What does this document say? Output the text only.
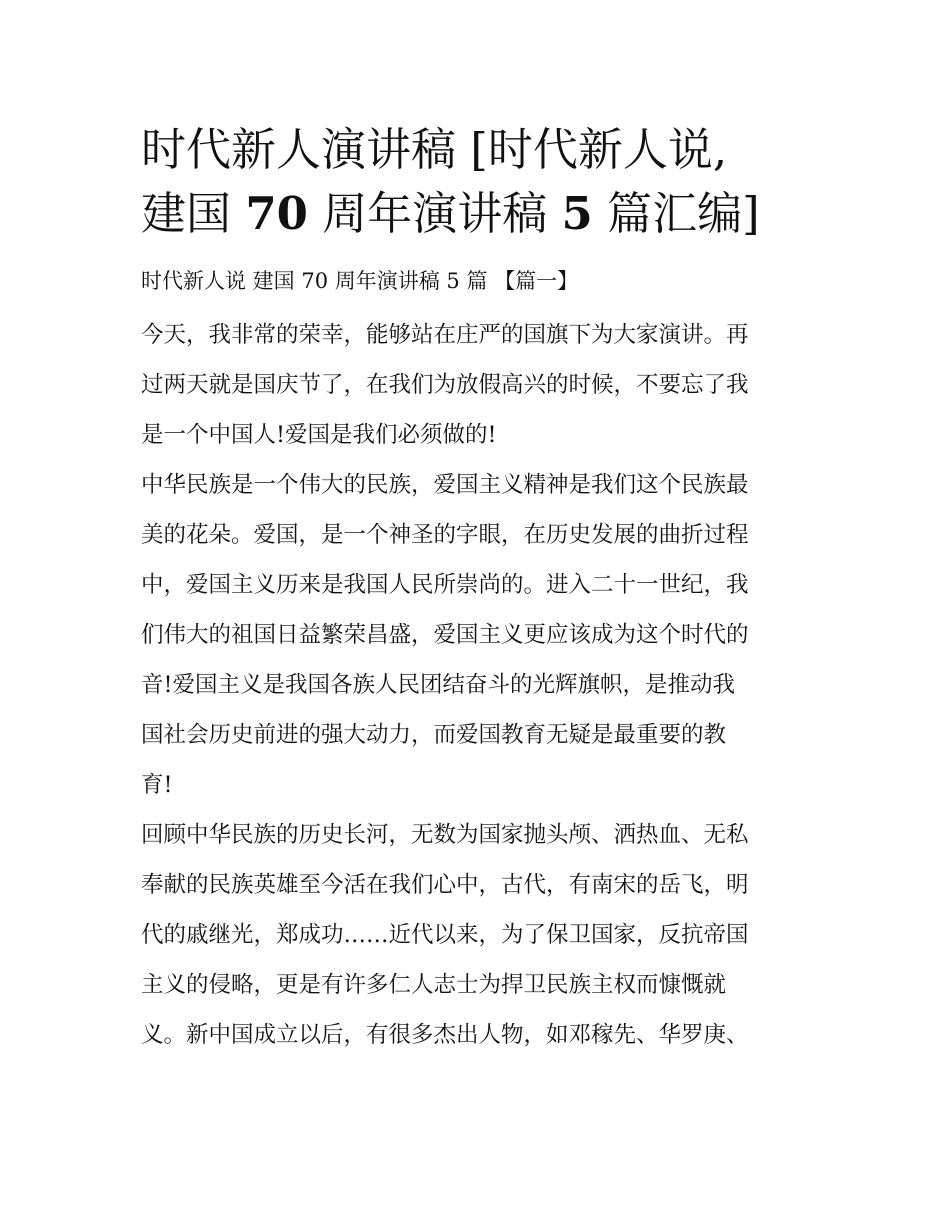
时代新人演讲稿 [时代新人说,
建国 70 周年演讲稿 5 篇汇编]

时代新人说 建国 70 周年演讲稿 5 篇 【篇一】

今天，我非常的荣幸，能够站在庄严的国旗下为大家演讲。再
过两天就是国庆节了，在我们为放假高兴的时候，不要忘了我
是一个中国人!爱国是我们必须做的!

中华民族是一个伟大的民族，爱国主义精神是我们这个民族最
美的花朵。爱国，是一个神圣的字眼，在历史发展的曲折过程
中，爱国主义历来是我国人民所崇尚的。进入二十一世纪，我
们伟大的祖国日益繁荣昌盛，爱国主义更应该成为这个时代的
音!爱国主义是我国各族人民团结奋斗的光辉旗帜，是推动我
国社会历史前进的强大动力，而爱国教育无疑是最重要的教
育!

回顾中华民族的历史长河，无数为国家抛头颅、洒热血、无私
奉献的民族英雄至今活在我们心中，古代，有南宋的岳飞，明
代的戚继光，郑成功……近代以来，为了保卫国家，反抗帝国
主义的侵略，更是有许多仁人志士为捍卫民族主权而慷慨就
义。新中国成立以后，有很多杰出人物，如邓稼先、华罗庚、
